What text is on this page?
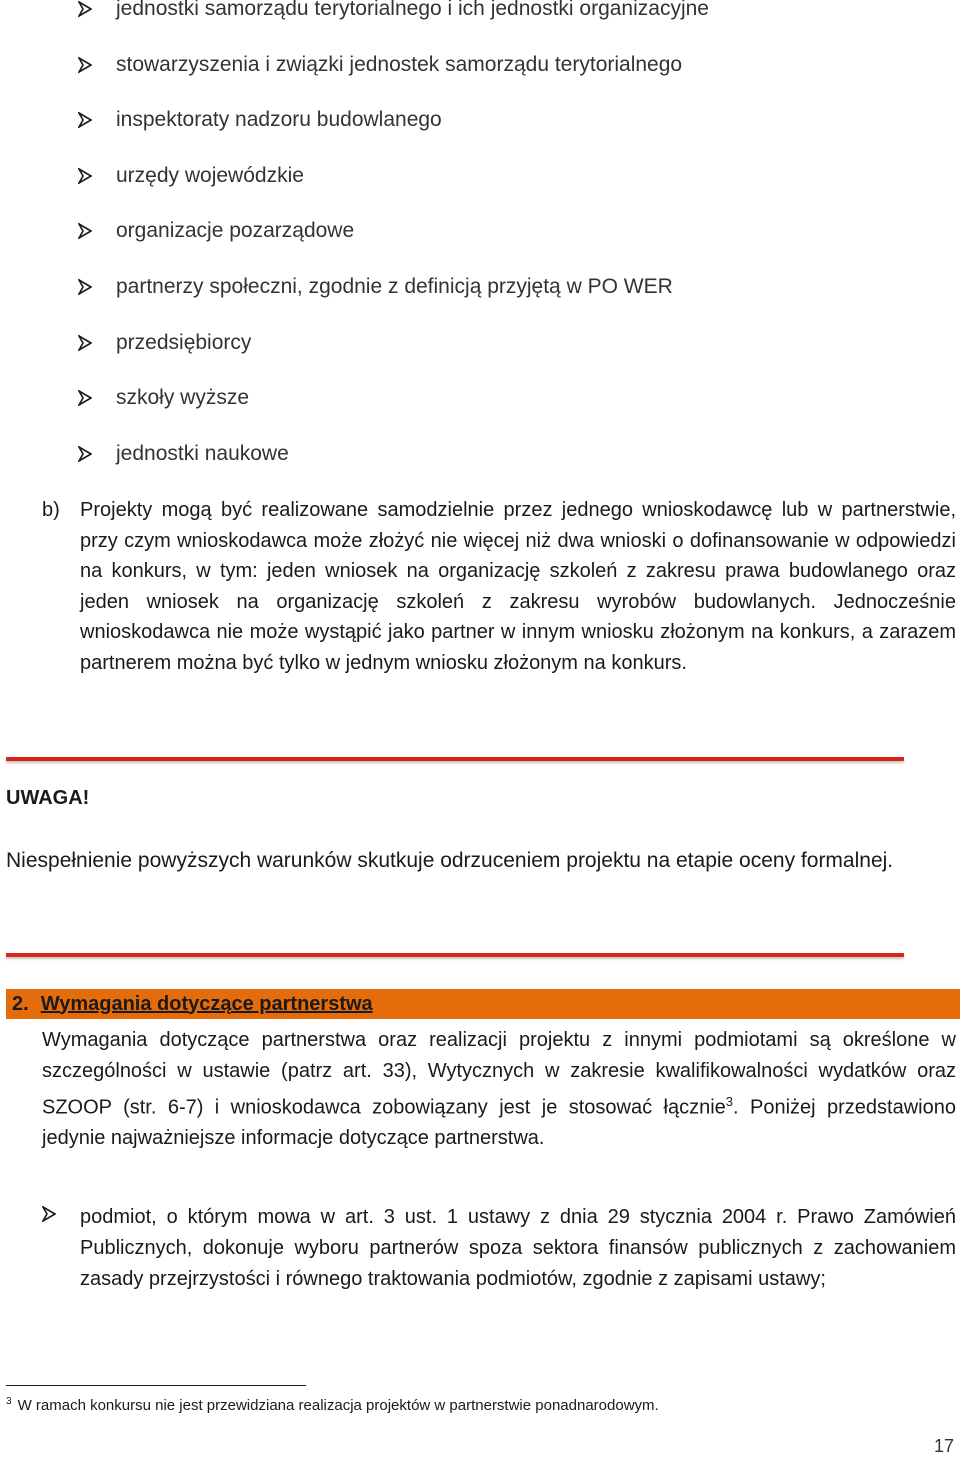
jednostki samorządu terytorialnego i ich jednostki organizacyjne
stowarzyszenia i związki jednostek samorządu terytorialnego
inspektoraty nadzoru budowlanego
urzędy wojewódzkie
organizacje pozarządowe
partnerzy społeczni, zgodnie z definicją przyjętą w PO WER
przedsiębiorcy
szkoły wyższe
jednostki naukowe
b) Projekty mogą być realizowane samodzielnie przez jednego wnioskodawcę lub w partnerstwie, przy czym wnioskodawca może złożyć nie więcej niż dwa wnioski o dofinansowanie w odpowiedzi na konkurs, w tym: jeden wniosek na organizację szkoleń z zakresu prawa budowlanego oraz jeden wniosek na organizację szkoleń z zakresu wyrobów budowlanych. Jednocześnie wnioskodawca nie może wystąpić jako partner w innym wniosku złożonym na konkurs, a zarazem partnerem można być tylko w jednym wniosku złożonym na konkurs.
UWAGA!
Niespełnienie powyższych warunków skutkuje odrzuceniem projektu na etapie oceny formalnej.
2. Wymagania dotyczące partnerstwa
Wymagania dotyczące partnerstwa oraz realizacji projektu z innymi podmiotami są określone w szczególności w ustawie (patrz art. 33), Wytycznych w zakresie kwalifikowalności wydatków oraz SZOOP (str. 6-7) i wnioskodawca zobowiązany jest je stosować łącznie$^3$. Poniżej przedstawiono jedynie najważniejsze informacje dotyczące partnerstwa.
podmiot, o którym mowa w art. 3 ust. 1 ustawy z dnia 29 stycznia 2004 r. Prawo Zamówień Publicznych, dokonuje wyboru partnerów spoza sektora finansów publicznych z zachowaniem zasady przejrzystości i równego traktowania podmiotów, zgodnie z zapisami ustawy;
$^3$ W ramach konkursu nie jest przewidziana realizacja projektów w partnerstwie ponadnarodowym.
17
